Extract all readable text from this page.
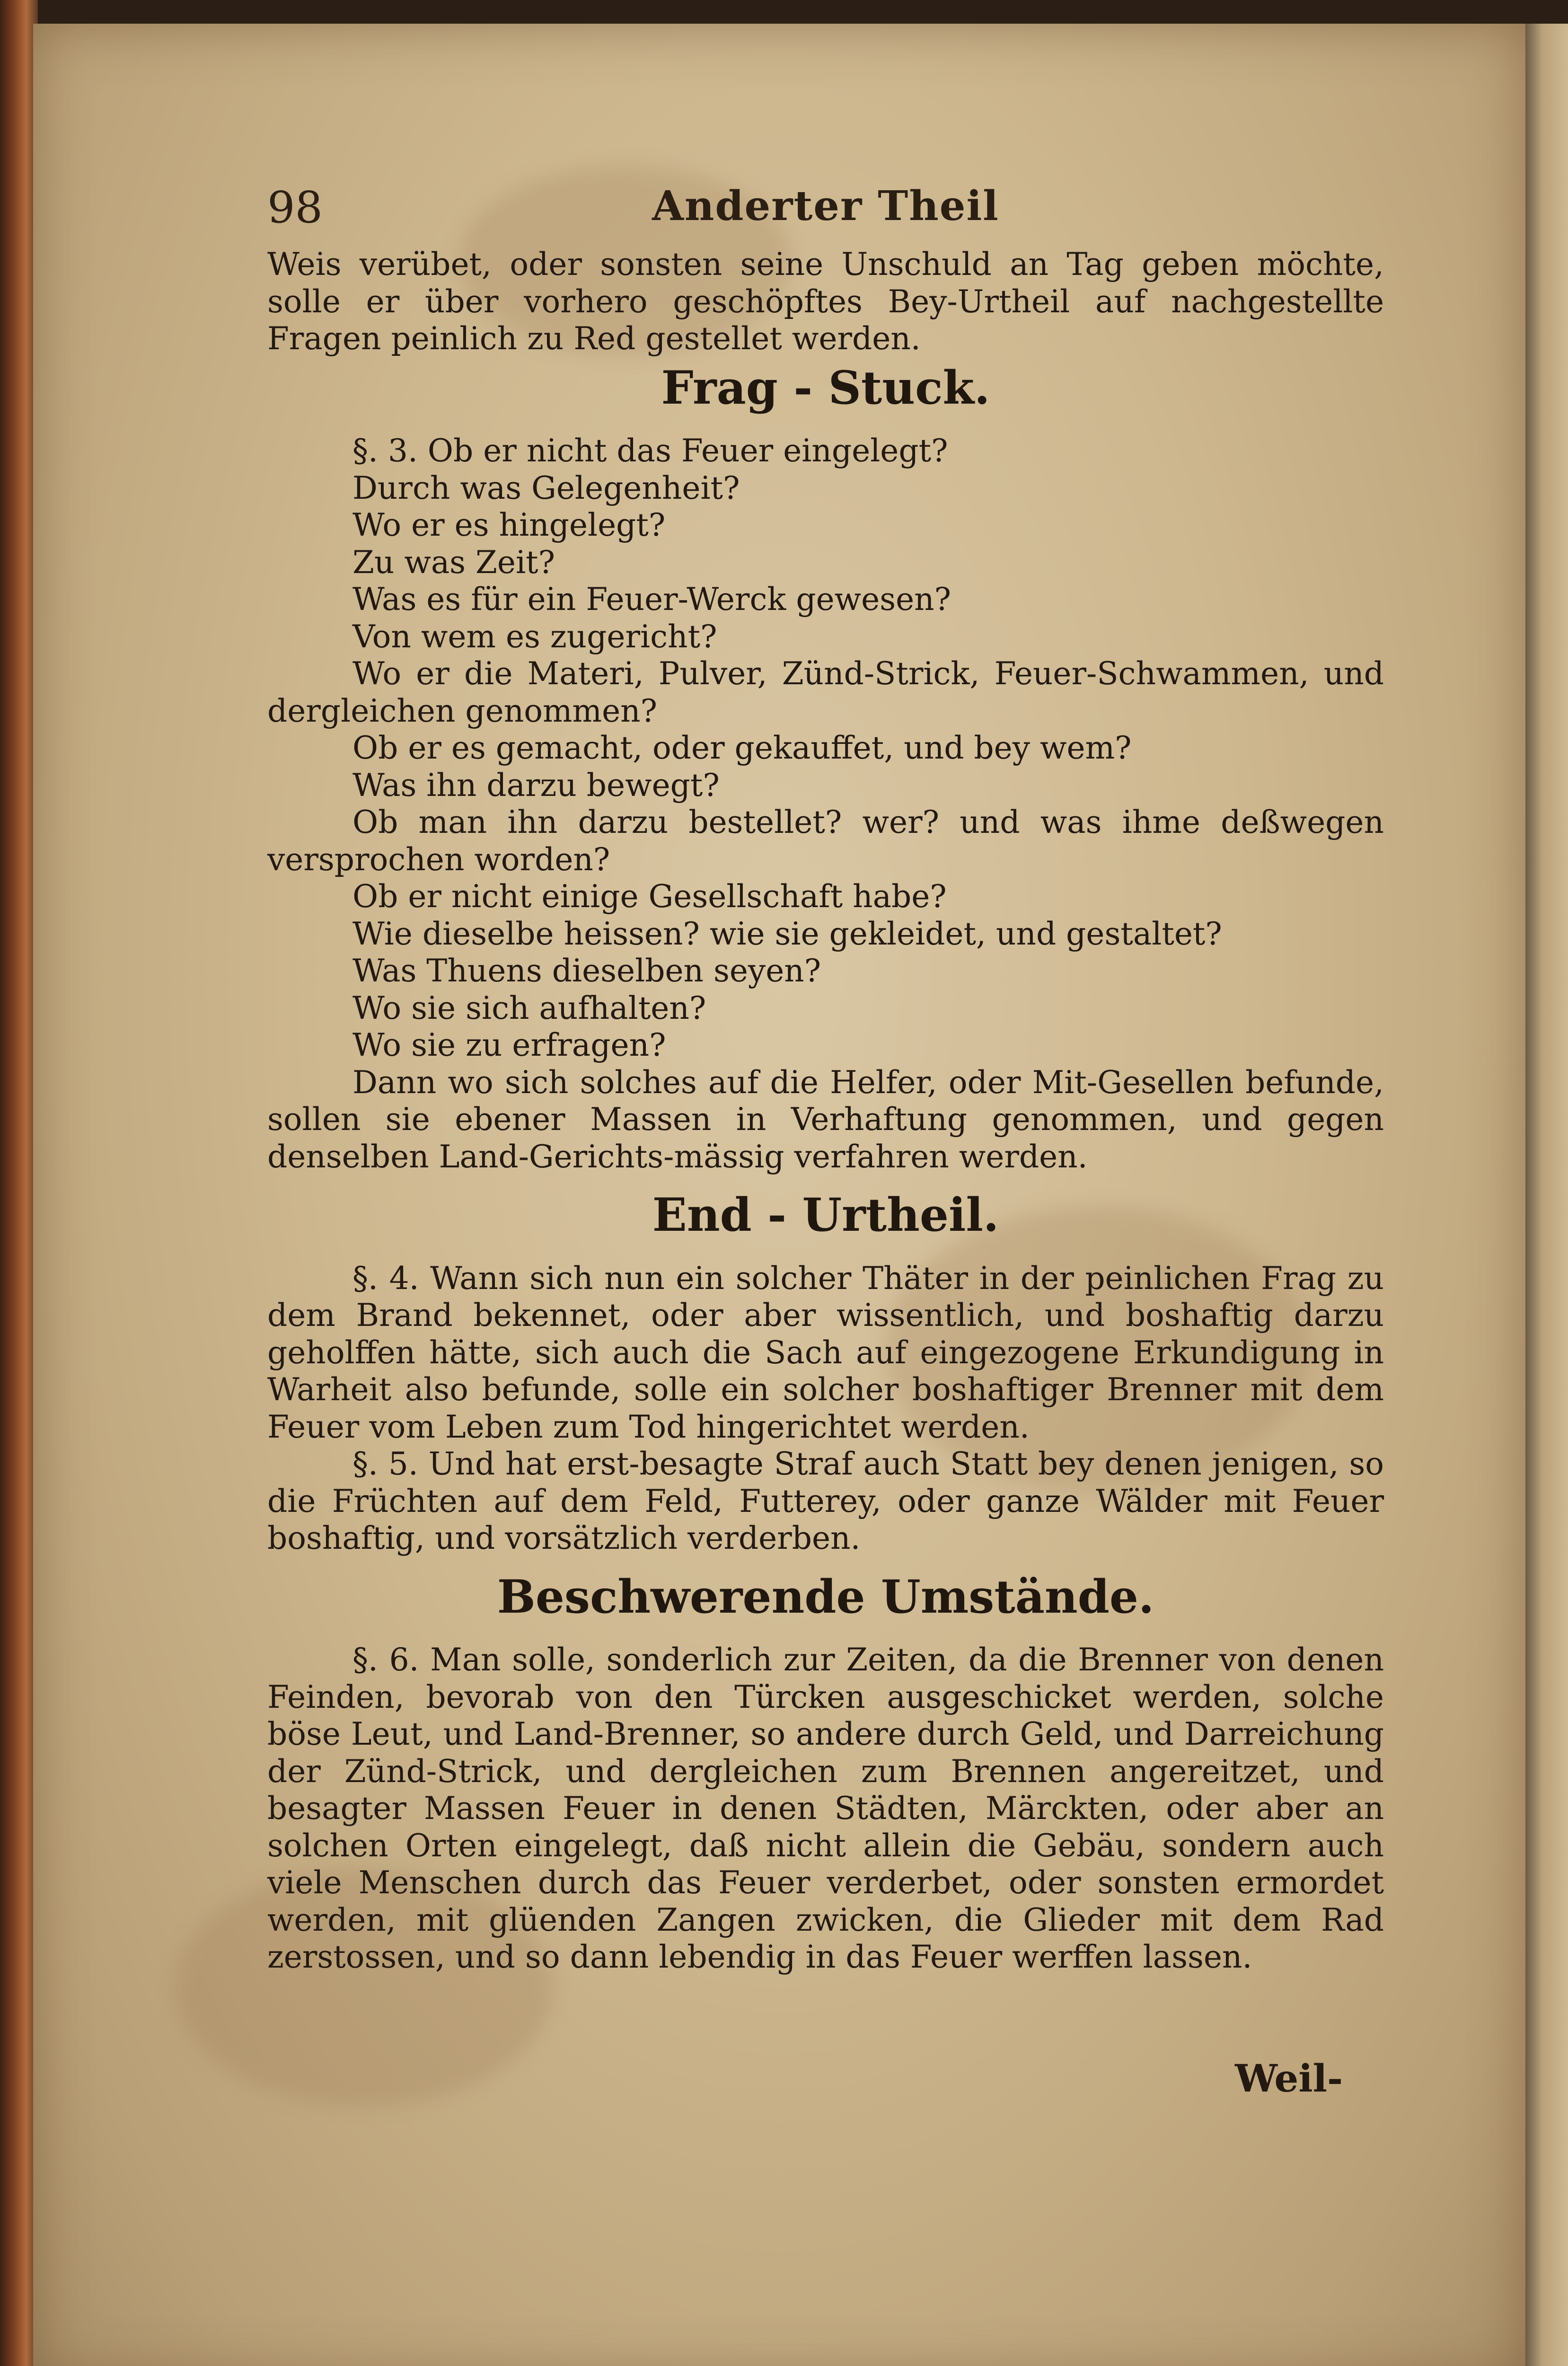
98	Anderter Theil

Weis verübet, oder sonsten seine Unschuld an Tag geben möchte, solle er über vorhero geschöpftes Bey-Urtheil auf nachgestellte Fragen peinlich zu Red gestellet werden.

Frag - Stuck.
§. 3. Ob er nicht das Feuer eingelegt?
Durch was Gelegenheit?
Wo er es hingelegt?
Zu was Zeit?
Was es für ein Feuer-Werck gewesen?
Von wem es zugericht?

Wo er die Materi, Pulver, Zünd-Strick, Feuer-Schwammen, und dergleichen genommen?

Ob er es gemacht, oder gekauffet, und bey wem?
Was ihn darzu bewegt?

Ob man ihn darzu bestellet? wer? und was ihme deßwegen versprochen worden?

Ob er nicht einige Gesellschaft habe?
Wie dieselbe heissen? wie sie gekleidet, und gestaltet?
Was Thuens dieselben seyen?
Wo sie sich aufhalten?
Wo sie zu erfragen?

Dann wo sich solches auf die Helfer, oder Mit-Gesellen befunde, sollen sie ebener Massen in Verhaftung genommen, und gegen denselben Land-Gerichts-mässig verfahren werden.

End - Urtheil.

§. 4. Wann sich nun ein solcher Thäter in der peinlichen Frag zu dem Brand bekennet, oder aber wissentlich, und boshaftig darzu geholffen hätte, sich auch die Sach auf eingezogene Erkundigung in Warheit also befunde, solle ein solcher boshaftiger Brenner mit dem Feuer vom Leben zum Tod hingerichtet werden.

§. 5. Und hat erst-besagte Straf auch Statt bey denen jenigen, so die Früchten auf dem Feld, Futterey, oder ganze Wälder mit Feuer boshaftig, und vorsätzlich verderben.

Beschwerende Umstände.

§. 6. Man solle, sonderlich zur Zeiten, da die Brenner von denen Feinden, bevorab von den Türcken ausgeschicket werden, solche böse Leut, und Land-Brenner, so andere durch Geld, und Darreichung der Zünd-Strick, und dergleichen zum Brennen angereitzet, und besagter Massen Feuer in denen Städten, Märckten, oder aber an solchen Orten eingelegt, daß nicht allein die Gebäu, sondern auch viele Menschen durch das Feuer verderbet, oder sonsten ermordet werden, mit glüenden Zangen zwicken, die Glieder mit dem Rad zerstossen, und so dann lebendig in das Feuer werffen lassen.

Weil-
